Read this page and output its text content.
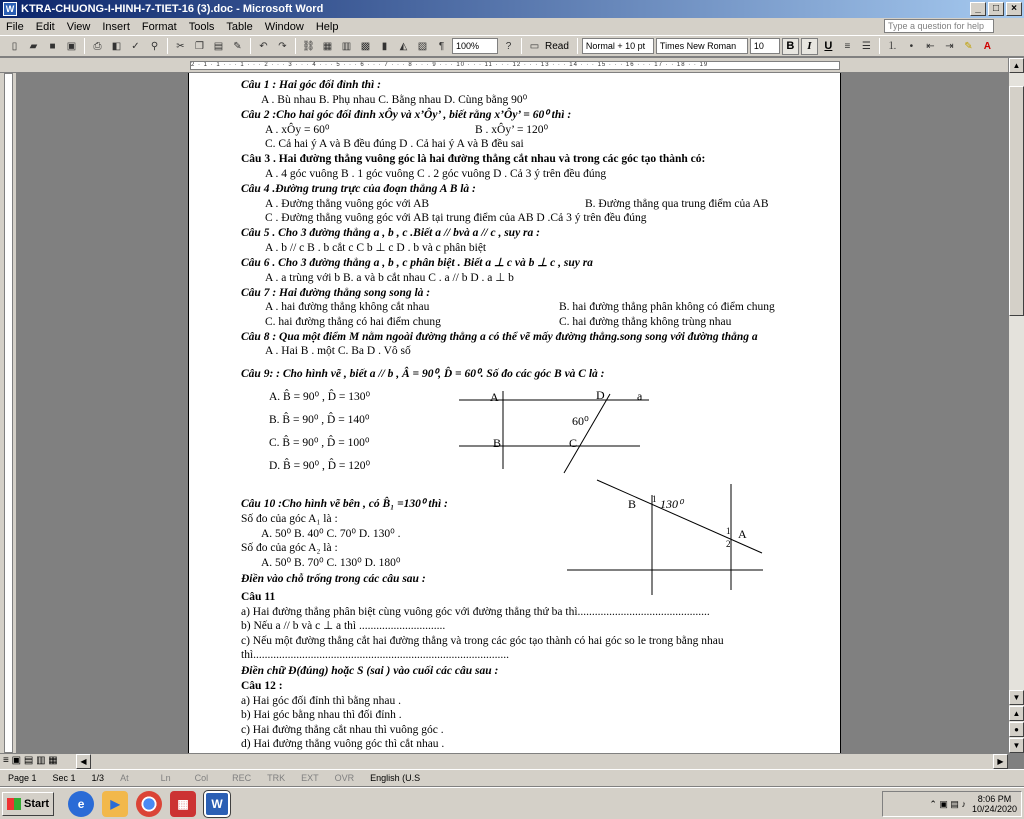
W KTRA-CHUONG-I-HINH-7-TIET-16 (3).doc - Microsoft Word	_	□	×
File	Edit	View	Insert	Format	Tools	Table	Window	Help	Type a question for help
▯	▰	■	▣	⎙	◧	✓	⚲	✂	❐ ▤	✎	↶	↷	⛓ ▦ ▥ ▩	▮	◭	▧	¶	100%	?	▭ Read	Normal + 10 pt	Times New Roman	10	B	I	U	≡	☰	⒈	•	⇤	⇥	✎	A
2 · 1 · 1 · · · 1 · · · 2 · · · 3 · · · 4 · · · 5 · · · 6 · · · 7 · · · 8 · · · 9 · · · 10 · · · 11 · · · 12 · · · 13 · · · 14 · · · 15 · · · 16 · · · 17 · · 18 · · 19
A	D	a
60⁰
B	C
B 1 130⁰
A
1
2
Câu 1 : Hai góc đối đỉnh thì :
A . Bù nhau B. Phụ nhau C. Bằng nhau D. Cùng bằng 90⁰
Câu 2 :Cho hai góc đối đỉnh xÔy và x’Ôy’ , biết rằng x’Ôy’ = 60⁰ thì :
A . xÔy = 60⁰	B . xÔy’ = 120⁰
C. Cả hai ý A và B đều đúng D . Cả hai ý A và B đều sai
Câu 3 . Hai đường thẳng vuông góc là hai đường thẳng cắt nhau và trong các góc tạo thành có:
A . 4 góc vuông B . 1 góc vuông C . 2 góc vuông D . Cả 3 ý trên đều đúng
Câu 4 .Đường trung trực của đoạn thẳng A B là :
A . Đường thẳng vuông góc với AB	B. Đường thẳng qua trung điểm của AB
C . Đường thẳng vuông góc với AB tại trung điểm của AB D .Cả 3 ý trên đều đúng
Câu 5 . Cho 3 đường thẳng a , b , c .Biết a // bvà a // c , suy ra :
A . b // c B . b cắt c C b ⊥ c D . b và c phân biệt
Câu 6 . Cho 3 đường thẳng a , b , c phân biệt . Biết a ⊥ c và b ⊥ c , suy ra
A . a trùng với b B. a và b cắt nhau C . a // b D . a ⊥ b
Câu 7 : Hai đường thẳng song song là :
A . hai đường thẳng không cắt nhau	B. hai đường thẳng phân không có điểm chung
C. hai đường thẳng có hai điểm chung	C. hai đường thẳng không trùng nhau
Câu 8 : Qua một điểm M nằm ngoài đường thẳng a có thể vẽ mấy đường thẳng.song song với đường thẳng a
A . Hai B . một C. Ba D . Vô số
Câu 9: : Cho hình vẽ , biết a // b , Â = 90⁰, D̂ = 60⁰. Số đo các góc B và C là :
A. B̂ = 90⁰ , D̂ = 130⁰
B. B̂ = 90⁰ , D̂ = 140⁰
C. B̂ = 90⁰ , D̂ = 100⁰
D. B̂ = 90⁰ , D̂ = 120⁰
Câu 10 :Cho hình vẽ bên , có B̂₁ =130⁰ thì :
Số đo của góc A₁ là :
A. 50⁰ B. 40⁰ C. 70⁰ D. 130⁰ .
Số đo của góc A₂ là :
A. 50⁰ B. 70⁰ C. 130⁰ D. 180⁰
Điền vào chỗ trống trong các câu sau :
Câu 11
a) Hai đường thẳng phân biệt cùng vuông góc với đường thẳng thứ ba thì..............................................
b) Nếu a // b và c ⊥ a thì ..............................
c) Nếu một đường thẳng cắt hai đường thẳng và trong các góc tạo thành có hai góc so le trong bằng nhau
thì.........................................................................................
Điền chữ Đ(đúng) hoặc S (sai ) vào cuối các câu sau :
Câu 12 :
a) Hai góc đối đỉnh thì bằng nhau .
b) Hai góc bằng nhau thì đối đỉnh .
c) Hai đường thẳng cắt nhau thì vuông góc .
d) Hai đường thẳng vuông góc thì cắt nhau .
▲
▼
▲
●
▼
≡ ▣ ▤ ▥ ▦	◀	▶
Page 1	Sec 1	1/3	At	Ln	Col	REC	TRK	EXT	OVR	English (U.S
Start	e	▶	▦	W	⌃ ▣ ▤ ♪	8:06 PM
10/24/2020
